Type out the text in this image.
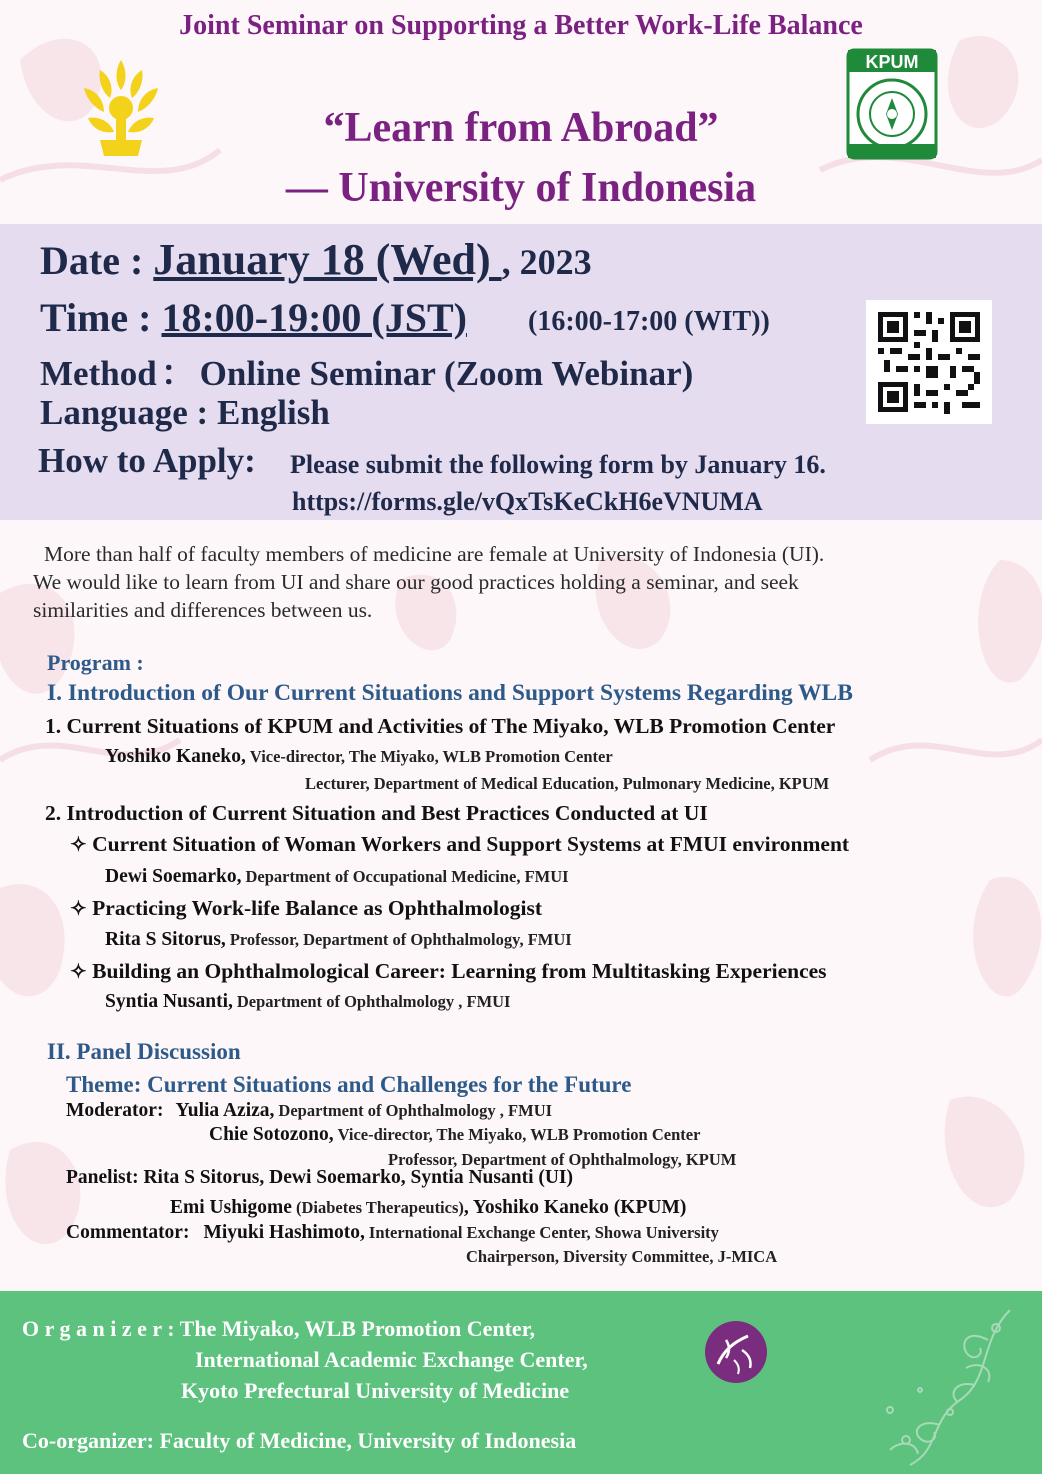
Joint Seminar on Supporting a Better Work-Life Balance
KPUM
“Learn from Abroad”
— University of Indonesia
Date : January 18 (Wed) , 2023
Time : 18:00-19:00 (JST) (16:00-17:00 (WIT))
Method ： Online Seminar (Zoom Webinar)
Language : English
How to Apply: Please submit the following form by January 16.
https://forms.gle/vQxTsKeCkH6eVNUMA
More than half of faculty members of medicine are female at University of Indonesia (UI).
We would like to learn from UI and share our good practices holding a seminar, and seek
similarities and differences between us.
Program :
I. Introduction of Our Current Situations and Support Systems Regarding WLB
1. Current Situations of KPUM and Activities of The Miyako, WLB Promotion Center
Yoshiko Kaneko, Vice-director, The Miyako, WLB Promotion Center
Lecturer, Department of Medical Education, Pulmonary Medicine, KPUM
2. Introduction of Current Situation and Best Practices Conducted at UI
✧ Current Situation of Woman Workers and Support Systems at FMUI environment
Dewi Soemarko, Department of Occupational Medicine, FMUI
✧ Practicing Work-life Balance as Ophthalmologist
Rita S Sitorus, Professor, Department of Ophthalmology, FMUI
✧ Building an Ophthalmological Career: Learning from Multitasking Experiences
Syntia Nusanti, Department of Ophthalmology , FMUI
II. Panel Discussion
Theme: Current Situations and Challenges for the Future
Moderator: Yulia Aziza, Department of Ophthalmology , FMUI
Chie Sotozono, Vice-director, The Miyako, WLB Promotion Center
Professor, Department of Ophthalmology, KPUM
Panelist: Rita S Sitorus, Dewi Soemarko, Syntia Nusanti (UI)
Emi Ushigome (Diabetes Therapeutics), Yoshiko Kaneko (KPUM)
Commentator: Miyuki Hashimoto, International Exchange Center, Showa University
Chairperson, Diversity Committee, J-MICA
O r g a n i z e r : The Miyako, WLB Promotion Center,
International Academic Exchange Center,
Kyoto Prefectural University of Medicine
Co-organizer: Faculty of Medicine, University of Indonesia
